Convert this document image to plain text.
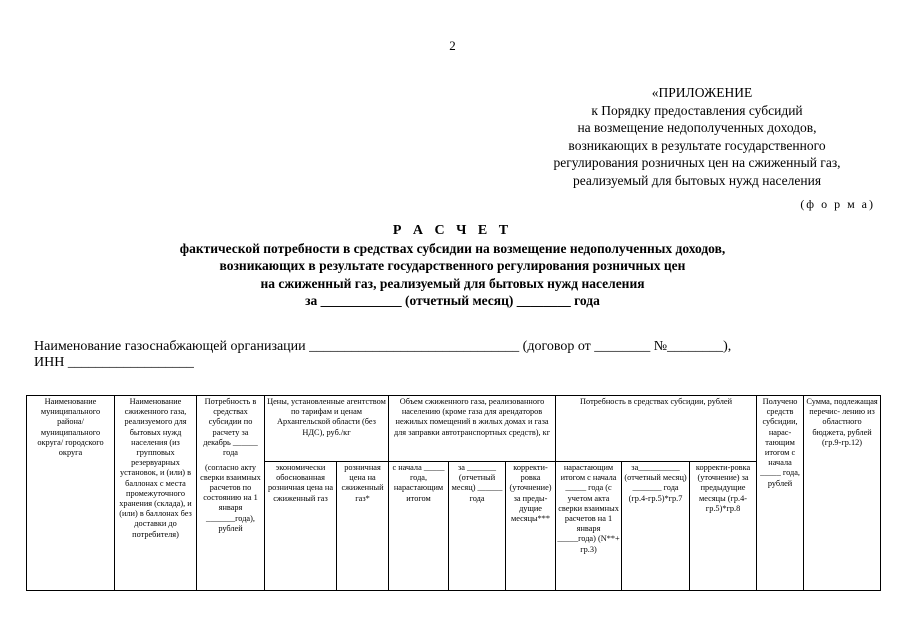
2
«ПРИЛОЖЕНИЕ
к Порядку предоставления субсидий
на возмещение недополученных доходов,
возникающих в результате государственного
регулирования розничных цен на сжиженный газ,
реализуемый для бытовых нужд населения
(ф о р м а)
Р А С Ч Е Т
фактической потребности в средствах субсидии на возмещение недополученных доходов,
возникающих в результате государственного регулирования розничных цен
на сжиженный газ, реализуемый для бытовых нужд населения
за ____________ (отчетный месяц) ________ года
Наименование газоснабжающей организации ______________________________ (договор от ________ №________),
ИНН __________________
Наименование муниципального района/ муниципального округа/ городского округа	Наименование сжиженного газа, реализуемого для бытовых нужд населения (из групповых резервуарных установок, и (или) в баллонах с места промежуточного хранения (склада), и (или) в баллонах без доставки до потребителя)	Потребность в средствах субсидии по расчету за декабрь ______ года	Цены, установленные агентством по тарифам и ценам Архангельской области (без НДС), руб./кг		Объем сжиженного газа, реализованного населению (кроме газа для арендаторов нежилых помещений в жилых домах и газа для заправки автотранспортных средств), кг			Потребность в средствах субсидии, рублей			Получено средств субсидии, нарас- тающим итогом с начала _____ года, рублей	Сумма, подлежащая перечис- лению из областного бюджета, рублей (гр.9-гр.12)
		(согласно акту сверки взаимных расчетов по состоянию на 1 января _______года), рублей	экономически обоснованная розничная цена на сжиженный газ	розничная цена на сжиженный газ*	с начала _____ года, нарастающим итогом	за _______ (отчетный месяц) ______ года	корректи- ровка (уточнение) за преды- дущие месяцы***	нарастающим итогом с начала _____ года (с учетом акта сверки взаимных расчетов на 1 января _____года) (N**+ гр.3)	за__________ (отчетный месяц) _______ года (гр.4-гр.5)*гр.7	корректи-ровка (уточнение) за предыдущие месяцы (гр.4-гр.5)*гр.8		
